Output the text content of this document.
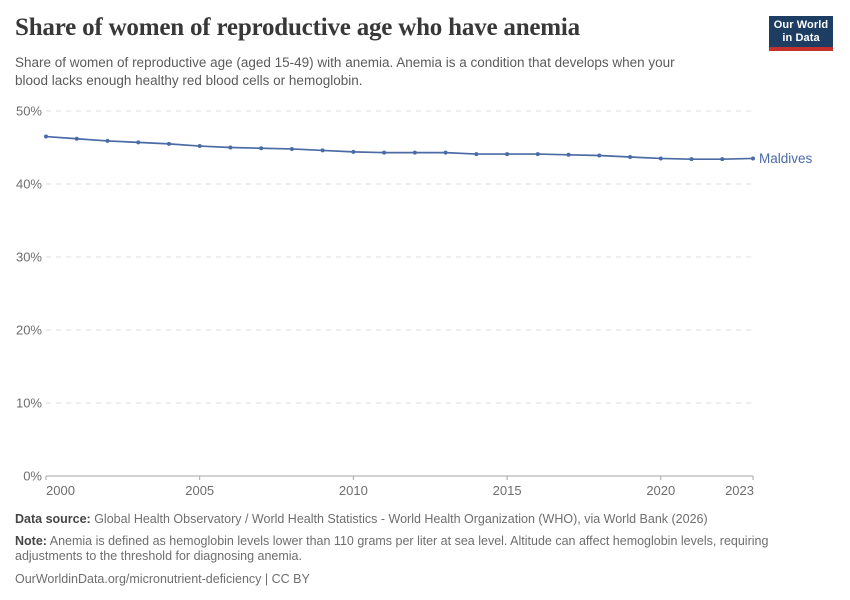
Share of women of reproductive age who have anemia
Share of women of reproductive age (aged 15-49) with anemia. Anemia is a condition that develops when your
blood lacks enough healthy red blood cells or hemoglobin.
Our World
in Data
0%
10%
20%
30%
40%
50%
2000	2005	2010	2015	2020	2023
Maldives
Data source: Global Health Observatory / World Health Statistics - World Health Organization (WHO), via World Bank (2026)
Note: Anemia is defined as hemoglobin levels lower than 110 grams per liter at sea level. Altitude can affect hemoglobin levels, requiring
adjustments to the threshold for diagnosing anemia.
OurWorldinData.org/micronutrient-deficiency | CC BY
